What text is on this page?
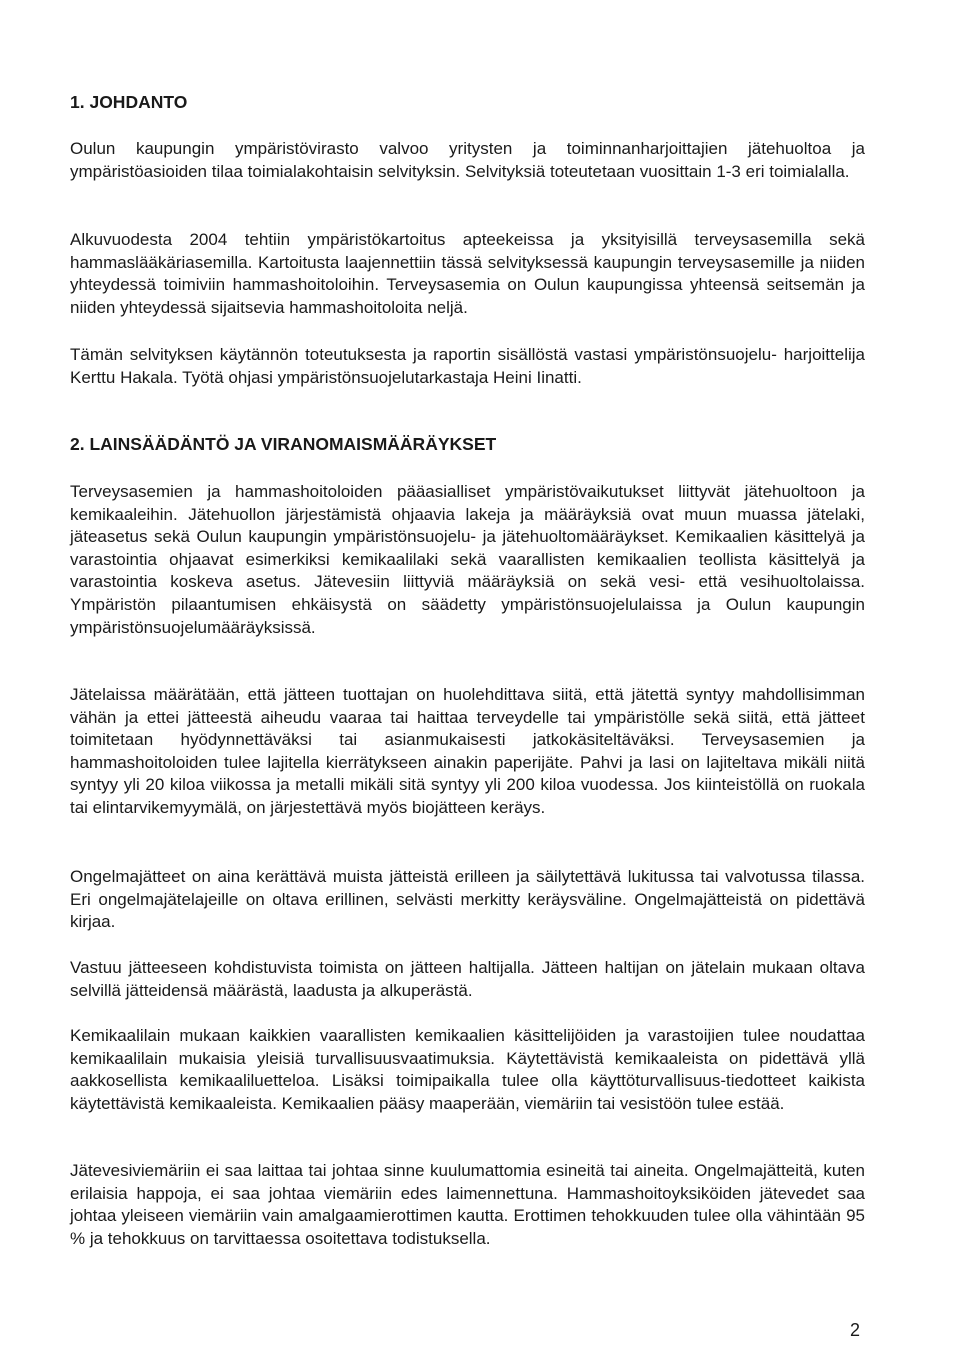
1. JOHDANTO

Oulun kaupungin ympäristövirasto valvoo yritysten ja toiminnanharjoittajien jätehuoltoa ja ympäristöasioiden tilaa toimialakohtaisin selvityksin. Selvityksiä toteutetaan vuosittain 1-3 eri toimialalla.

Alkuvuodesta 2004 tehtiin ympäristökartoitus apteekeissa ja yksityisillä terveysasemilla sekä hammaslääkäriasemilla. Kartoitusta laajennettiin tässä selvityksessä kaupungin terveysasemille ja niiden yhteydessä toimiviin hammashoitoloihin. Terveysasemia on Oulun kaupungissa yhteensä seitsemän ja niiden yhteydessä sijaitsevia hammashoitoloita neljä.

Tämän selvityksen käytännön toteutuksesta ja raportin sisällöstä vastasi ympäristönsuojelu- harjoittelija Kerttu Hakala. Työtä ohjasi ympäristönsuojelutarkastaja Heini Iinatti.

2. LAINSÄÄDÄNTÖ JA VIRANOMAISMÄÄRÄYKSET

Terveysasemien ja hammashoitoloiden pääasialliset ympäristövaikutukset liittyvät jätehuoltoon ja kemikaaleihin. Jätehuollon järjestämistä ohjaavia lakeja ja määräyksiä ovat muun muassa jätelaki, jäteasetus sekä Oulun kaupungin ympäristönsuojelu- ja jätehuoltomääräykset. Kemikaalien käsittelyä ja varastointia ohjaavat esimerkiksi kemikaalilaki sekä vaarallisten kemikaalien teollista käsittelyä ja varastointia koskeva asetus. Jätevesiin liittyviä määräyksiä on sekä vesi- että vesihuoltolaissa. Ympäristön pilaantumisen ehkäisystä on säädetty ympäristönsuojelulaissa ja Oulun kaupungin ympäristönsuojelumääräyksissä.

Jätelaissa määrätään, että jätteen tuottajan on huolehdittava siitä, että jätettä syntyy mahdollisimman vähän ja ettei jätteestä aiheudu vaaraa tai haittaa terveydelle tai ympäristölle sekä siitä, että jätteet toimitetaan hyödynnettäväksi tai asianmukaisesti jatkokäsiteltäväksi. Terveysasemien ja hammashoitoloiden tulee lajitella kierrätykseen ainakin paperijäte. Pahvi ja lasi on lajiteltava mikäli niitä syntyy yli 20 kiloa viikossa ja metalli mikäli sitä syntyy yli 200 kiloa vuodessa. Jos kiinteistöllä on ruokala tai elintarvikemyymälä, on järjestettävä myös biojätteen keräys.

Ongelmajätteet on aina kerättävä muista jätteistä erilleen ja säilytettävä lukitussa tai valvotussa tilassa. Eri ongelmajätelajeille on oltava erillinen, selvästi merkitty keräysväline. Ongelmajätteistä on pidettävä kirjaa.

Vastuu jätteeseen kohdistuvista toimista on jätteen haltijalla. Jätteen haltijan on jätelain mukaan oltava selvillä jätteidensä määrästä, laadusta ja alkuperästä.

Kemikaalilain mukaan kaikkien vaarallisten kemikaalien käsittelijöiden ja varastoijien tulee noudattaa kemikaalilain mukaisia yleisiä turvallisuusvaatimuksia. Käytettävistä kemikaaleista on pidettävä yllä aakkosellista kemikaaliluetteloa. Lisäksi toimipaikalla tulee olla käyttöturvallisuus-tiedotteet kaikista käytettävistä kemikaaleista. Kemikaalien pääsy maaperään, viemäriin tai vesistöön tulee estää.

Jätevesiviemäriin ei saa laittaa tai johtaa sinne kuulumattomia esineitä tai aineita. Ongelmajätteitä, kuten erilaisia happoja, ei saa johtaa viemäriin edes laimennettuna. Hammashoitoyksiköiden jätevedet saa johtaa yleiseen viemäriin vain amalgaamierottimen kautta. Erottimen tehokkuuden tulee olla vähintään 95 % ja tehokkuus on tarvittaessa osoitettava todistuksella.

2
